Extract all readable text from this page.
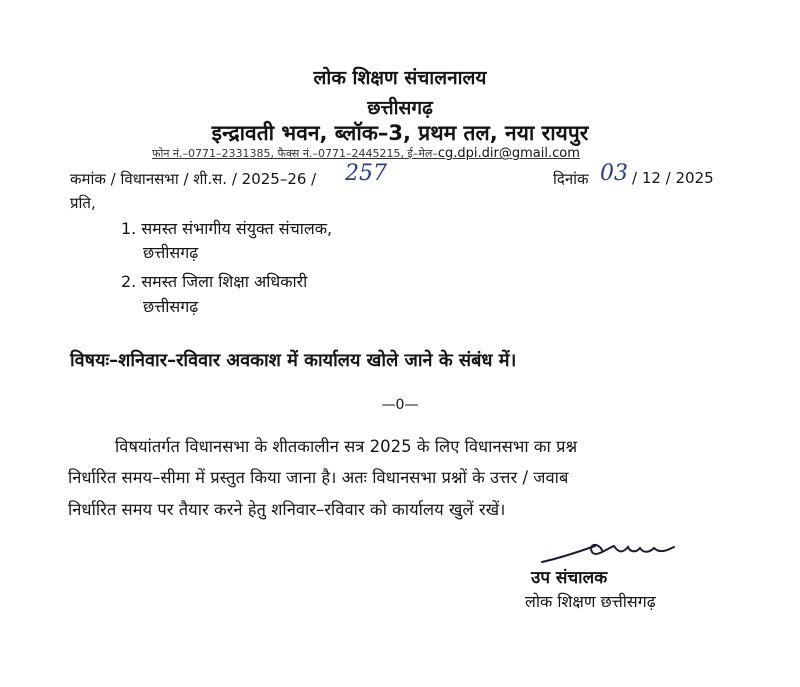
लोक शिक्षण संचालनालय
छत्तीसगढ़
इन्द्रावती भवन, ब्लॉक–3, प्रथम तल, नया रायपुर
फोन नं.–0771–2331385, फैक्स नं.–0771–2445215, ई–मेल–cg.dpi.dir@gmail.com
कमांक / विधानसभा / शी.स. / 2025–26 / 257	दिनांक 03 / 12 / 2025
प्रति,
1. समस्त संभागीय संयुक्त संचालक,
छत्तीसगढ़
2. समस्त जिला शिक्षा अधिकारी
छत्तीसगढ़
विषयः–शनिवार–रविवार अवकाश में कार्यालय खोले जाने के संबंध में।
—0—
विषयांतर्गत विधानसभा के शीतकालीन सत्र 2025 के लिए विधानसभा का प्रश्न
निर्धारित समय–सीमा में प्रस्तुत किया जाना है। अतः विधानसभा प्रश्नों के उत्तर / जवाब
निर्धारित समय पर तैयार करने हेतु शनिवार–रविवार को कार्यालय खुलें रखें।
उप संचालक
लोक शिक्षण छत्तीसगढ़
